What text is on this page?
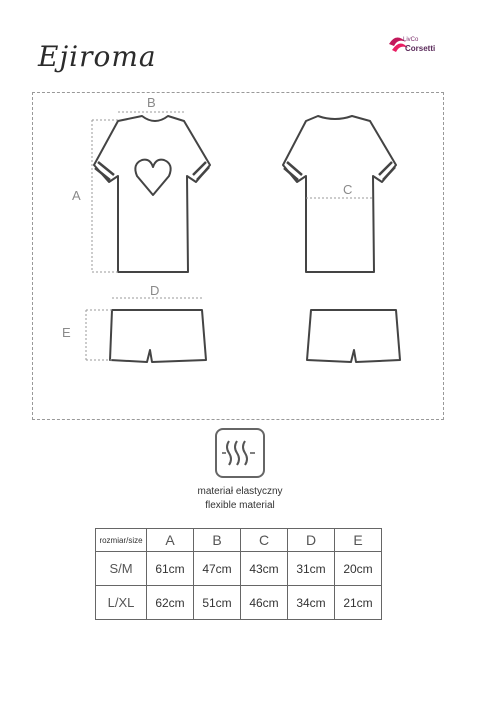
Ejiroma	LivCo
Corsetti
B
A	C
D
E
materiał elastyczny
flexible material
rozmiar/size	A	B	C	D	E
S/M	61cm	47cm	43cm	31cm	20cm
L/XL	62cm	51cm	46cm	34cm	21cm
